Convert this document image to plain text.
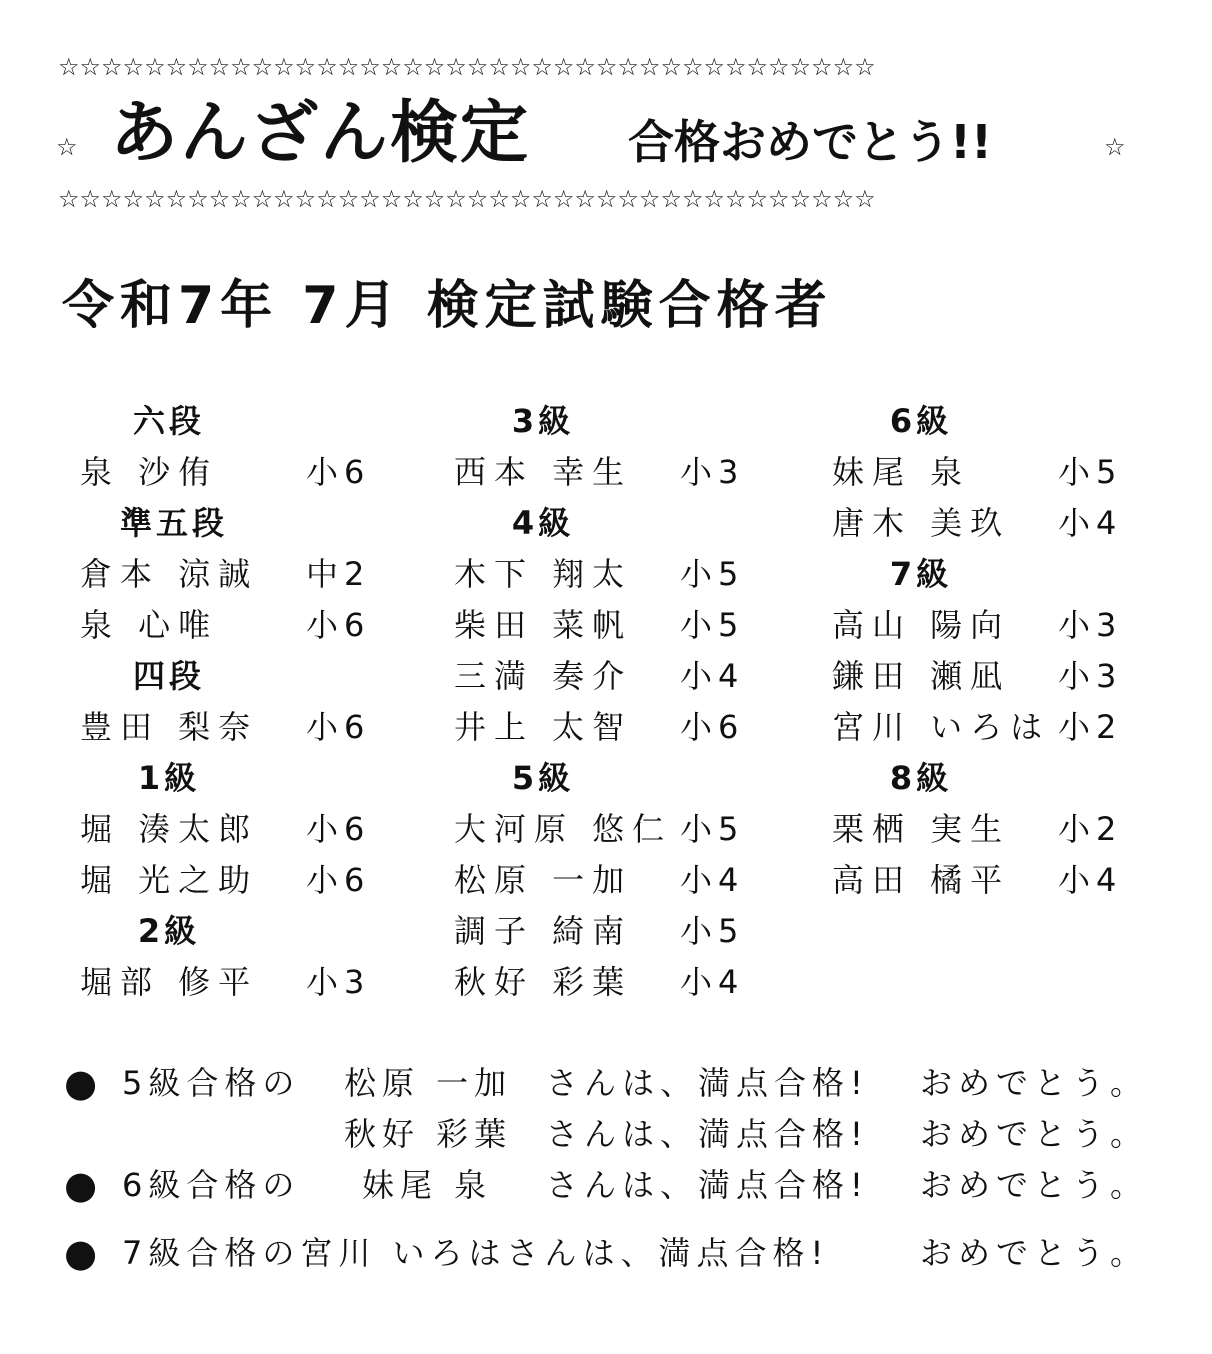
☆☆☆☆☆☆☆☆☆☆☆☆☆☆☆☆☆☆☆☆☆☆☆☆☆☆☆☆☆☆☆☆☆☆☆☆☆☆
☆ あんざん検定 合格おめでとう!!	☆
☆☆☆☆☆☆☆☆☆☆☆☆☆☆☆☆☆☆☆☆☆☆☆☆☆☆☆☆☆☆☆☆☆☆☆☆☆☆
令和7年 7月 検定試験合格者
六段
泉 沙侑	小6
準五段
倉本 涼誠 中2
泉 心唯	小6
四段
豊田 梨奈 小6
1級
堀 湊太郎 小6
堀 光之助 小6
2級
堀部 修平 小3
3級
西本 幸生 小3
4級
木下 翔太 小5
柴田 菜帆 小5
三満 奏介 小4
井上 太智 小6
5級
大河原 悠仁 小5
松原 一加 小4
調子 綺南 小5
秋好 彩葉 小4
6級
妹尾 泉	小5
唐木 美玖 小4
7級
高山 陽向 小3
鎌田 瀬凪 小3
宮川 いろは 小2
8級
栗栖 実生 小2
高田 橘平 小4
● 5級合格の 松原 一加 さんは、満点合格! おめでとう。
秋好 彩葉 さんは、満点合格! おめでとう。
● 6級合格の 妹尾 泉 さんは、満点合格! おめでとう。
● 7級合格の宮川 いろはさんは、満点合格!	おめでとう。
